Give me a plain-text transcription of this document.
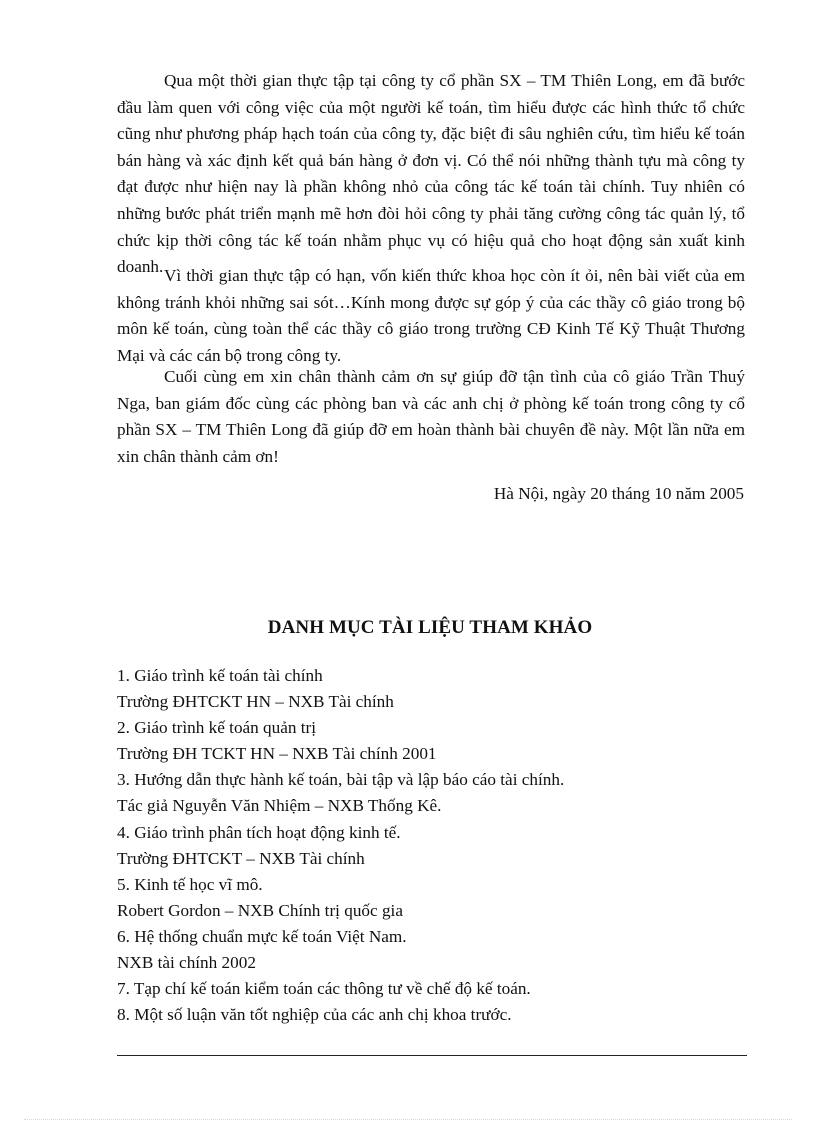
Qua một thời gian thực tập tại công ty cổ phần SX – TM Thiên Long, em đã bước đầu làm quen với công việc của một người kế toán, tìm hiểu được các hình thức tổ chức cũng như phương pháp hạch toán của công ty, đặc biệt đi sâu nghiên cứu, tìm hiểu kế toán bán hàng và xác định kết quả bán hàng ở đơn vị. Có thể nói những thành tựu mà công ty đạt được như hiện nay là phần không nhỏ của công tác kế toán tài chính. Tuy nhiên có những bước phát triển mạnh mẽ hơn đòi hỏi công ty phải tăng cường công tác quản lý, tổ chức kịp thời công tác kế toán nhằm phục vụ có hiệu quả cho hoạt động sản xuất kinh doanh. Vì thời gian thực tập có hạn, vốn kiến thức khoa học còn ít ỏi, nên bài viết của em không tránh khỏi những sai sót…Kính mong được sự góp ý của các thầy cô giáo trong bộ môn kế toán, cùng toàn thể các thầy cô giáo trong trường CĐ Kinh Tế Kỹ Thuật Thương Mại và các cán bộ trong công ty.

Cuối cùng em xin chân thành cảm ơn sự giúp đỡ tận tình của cô giáo Trần Thuý Nga, ban giám đốc cùng các phòng ban và các anh chị ở phòng kế toán trong công ty cổ phần SX – TM Thiên Long đã giúp đỡ em hoàn thành bài chuyên đề này. Một lần nữa em xin chân thành cảm ơn!

Hà Nội, ngày 20 tháng 10 năm 2005
DANH MỤC TÀI LIỆU THAM KHẢO
1. Giáo trình kế toán tài chính
Trường ĐHTCKT HN – NXB Tài chính
2. Giáo trình kế toán quản trị
Trường ĐH TCKT HN – NXB Tài chính 2001
3. Hướng dẫn thực hành kế toán, bài tập và lập báo cáo tài chính.
Tác giả Nguyễn Văn Nhiệm – NXB Thống Kê.
4. Giáo trình phân tích hoạt động kinh tế.
Trường ĐHTCKT – NXB Tài chính
5. Kinh tế học vĩ mô.
Robert Gordon – NXB Chính trị quốc gia
6. Hệ thống chuẩn mực kế toán Việt Nam.
NXB tài chính 2002
7. Tạp chí kế toán kiểm toán các thông tư về chế độ kế toán.
8. Một số luận văn tốt nghiệp của các anh chị khoa trước.
